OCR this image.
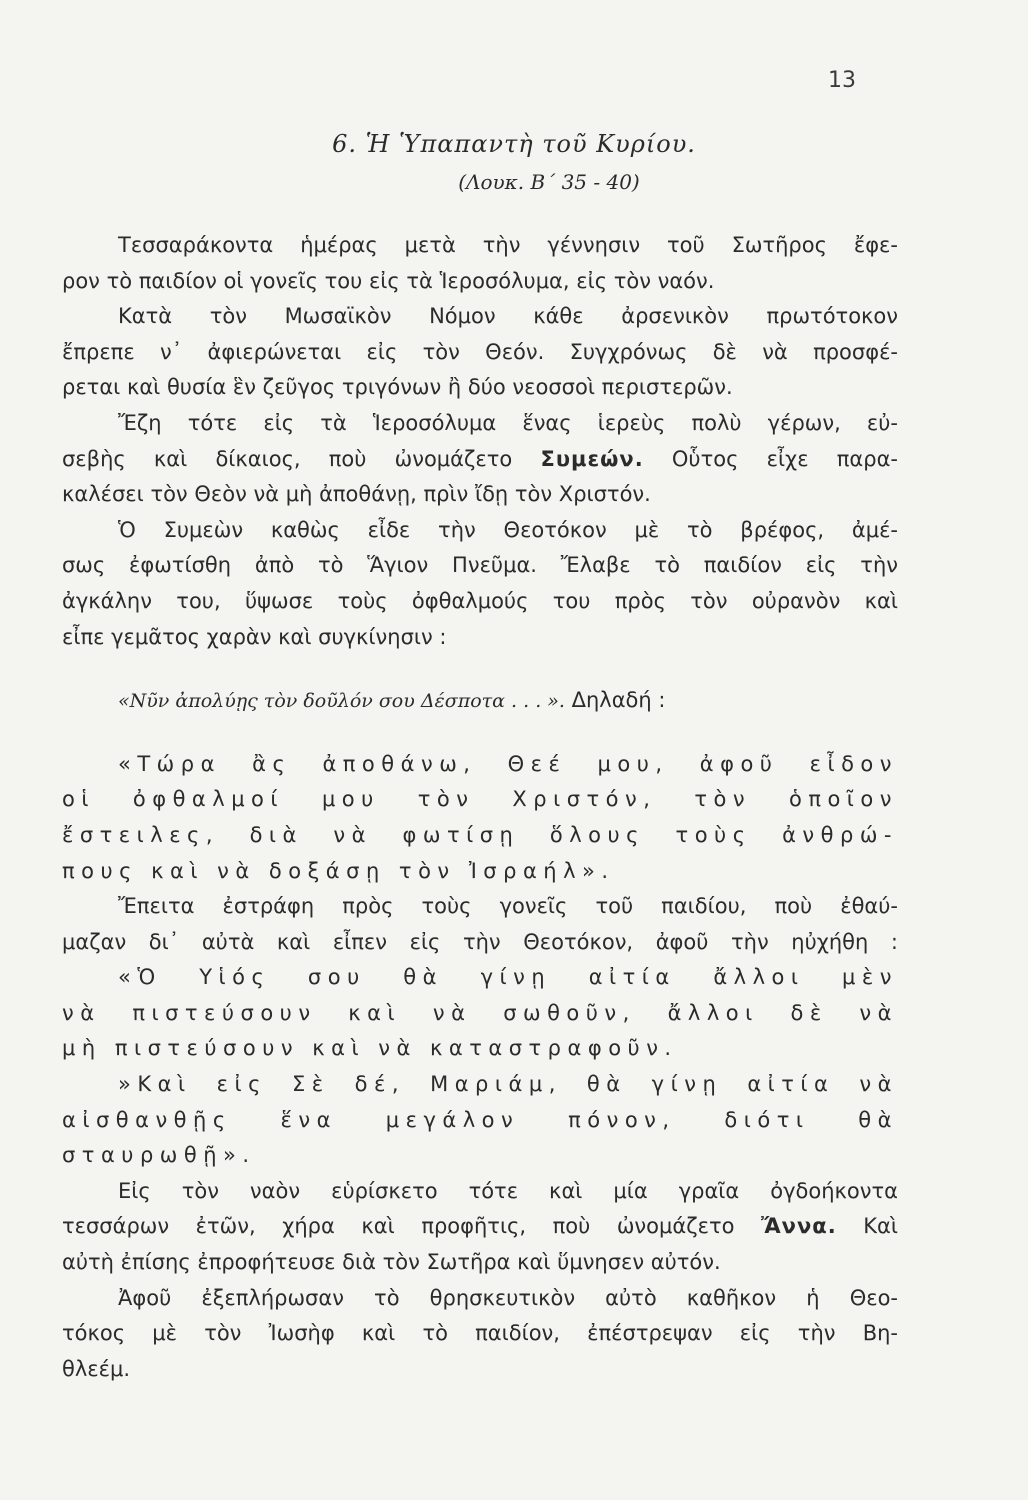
13
6. Ἡ Ὑπαπαντὴ τοῦ Κυρίου.
(Λουκ. Β΄ 35 - 40)
Τεσσαράκοντα ἡμέρας μετὰ τὴν γέννησιν τοῦ Σωτῆρος ἔφε-
ρον τὸ παιδίον οἱ γονεῖς του εἰς τὰ Ἱεροσόλυμα, εἰς τὸν ναόν.
Κατὰ τὸν Μωσαϊκὸν Νόμον κάθε ἀρσενικὸν πρωτότοκον
ἔπρεπε ν᾽ ἀφιερώνεται εἰς τὸν Θεόν. Συγχρόνως δὲ νὰ προσφέ-
ρεται καὶ θυσία ἓν ζεῦγος τριγόνων ἢ δύο νεοσσοὶ περιστερῶν.
Ἔζη τότε εἰς τὰ Ἱεροσόλυμα ἕνας ἱερεὺς πολὺ γέρων, εὐ-
σεβὴς καὶ δίκαιος, ποὺ ὠνομάζετο Συμεών. Οὗτος εἶχε παρα-
καλέσει τὸν Θεὸν νὰ μὴ ἀποθάνῃ, πρὶν ἴδῃ τὸν Χριστόν.
Ὁ Συμεὼν καθὼς εἶδε τὴν Θεοτόκον μὲ τὸ βρέφος, ἀμέ-
σως ἐφωτίσθη ἀπὸ τὸ Ἅγιον Πνεῦμα. Ἔλαβε τὸ παιδίον εἰς τὴν
ἀγκάλην του, ὕψωσε τοὺς ὀφθαλμούς του πρὸς τὸν οὐρανὸν καὶ
εἶπε γεμᾶτος χαρὰν καὶ συγκίνησιν :
«Νῦν ἀπολύῃς τὸν δοῦλόν σου Δέσποτα . . . ». Δηλαδή :
«Τώρα ἂς ἀποθάνω, Θεέ μου, ἀφοῦ εἶδον
οἱ ὀφθαλμοί μου τὸν Χριστόν, τὸν ὁποῖον
ἔστειλες, διὰ νὰ φωτίσῃ ὅλους τοὺς ἀνθρώ-
πους καὶ νὰ δοξάσῃ τὸν Ἰσραήλ».
Ἔπειτα ἐστράφη πρὸς τοὺς γονεῖς τοῦ παιδίου, ποὺ ἐθαύ-
μαζαν δι᾽ αὐτὰ καὶ εἶπεν εἰς τὴν Θεοτόκον, ἀφοῦ τὴν ηὐχήθη :
«Ὁ Υἱός σου θὰ γίνῃ αἰτία ἄλλοι μὲν
νὰ πιστεύσουν καὶ νὰ σωθοῦν, ἄλλοι δὲ νὰ
μὴ πιστεύσουν καὶ νὰ καταστραφοῦν.
»Καὶ εἰς Σὲ δέ, Μαριάμ, θὰ γίνῃ αἰτία νὰ
αἰσθανθῇς ἕνα μεγάλον πόνον, διότι θὰ
σταυρωθῇ».
Εἰς τὸν ναὸν εὑρίσκετο τότε καὶ μία γραῖα ὀγδοήκοντα
τεσσάρων ἐτῶν, χήρα καὶ προφῆτις, ποὺ ὠνομάζετο Ἄννα. Καὶ
αὐτὴ ἐπίσης ἐπροφήτευσε διὰ τὸν Σωτῆρα καὶ ὕμνησεν αὐτόν.
Ἀφοῦ ἐξεπλήρωσαν τὸ θρησκευτικὸν αὐτὸ καθῆκον ἡ Θεο-
τόκος μὲ τὸν Ἰωσὴφ καὶ τὸ παιδίον, ἐπέστρεψαν εἰς τὴν Βη-
θλεέμ.
